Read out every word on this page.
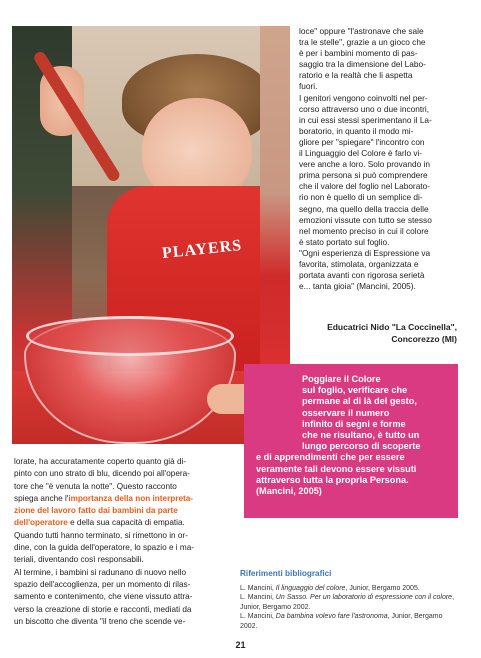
PLAYERS

loce" oppure "l'astronave che sale

tra le stelle", grazie a un gioco che

è per i bambini momento di pas-

saggio tra la dimensione del Labo-

ratorio e la realtà che li aspetta

fuori.

I genitori vengono coinvolti nel per-

corso attraverso uno o due incontri,

in cui essi stessi sperimentano il La-

boratorio, in quanto il modo mi-

gliore per "spiegare" l'incontro con

il Linguaggio del Colore è farlo vi-

vere anche a loro. Solo provando in

prima persona si può comprendere

che il valore del foglio nel Laborato-

rio non è quello di un semplice di-

segno, ma quello della traccia delle

emozioni vissute con tutto se stesso

nel momento preciso in cui il colore

è stato portato sul foglio.

"Ogni esperienza di Espressione va

favorita, stimolata, organizzata e

portata avanti con rigorosa serietà

e... tanta gioia" (Mancini, 2005).

Educatrici Nido "La Coccinella",
Concorezzo (MI)
Poggiare il Colore
sul foglio, verificare che
permane al di là del gesto,
osservare il numero
infinito di segni e forme
che ne risultano, è tutto un
lungo percorso di scoperte
e di apprendimenti che per essere
veramente tali devono essere vissuti
attraverso tutta la propria Persona.
(Mancini, 2005)

lorate, ha accuratamente coperto quanto già di-

pinto con uno strato di blu, dicendo poi all'opera-

tore che "è venuta la notte". Questo racconto

spiega anche l'importanza della non interpreta-

zione del lavoro fatto dai bambini da parte

dell'operatore e della sua capacità di empatia.

Quando tutti hanno terminato, si rimettono in or-

dine, con la guida dell'operatore, lo spazio e i ma-

teriali, diventando così responsabili.

Al termine, i bambini si radunano di nuovo nello

spazio dell'accoglienza, per un momento di rilas-

samento e contenimento, che viene vissuto attra-

verso la creazione di storie e racconti, mediati da

un biscotto che diventa "il treno che scende ve-

Riferimenti bibliografici

L. Mancini, Il linguaggio del colore, Junior, Bergamo 2005.

L. Mancini, Un Sasso. Per un laboratorio di espressione con il colore, Junior, Bergamo 2002.

L. Mancini, Da bambina volevo fare l'astronoma, Junior, Bergamo 2002.

21
